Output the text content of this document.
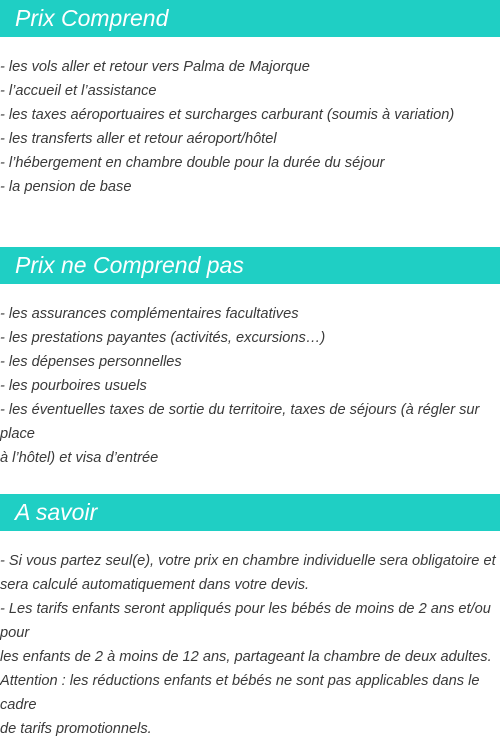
Prix Comprend

- les vols aller et retour vers Palma de Majorque

- l’accueil et l’assistance

- les taxes aéroportuaires et surcharges carburant (soumis à variation)

- les transferts aller et retour aéroport/hôtel

- l’hébergement en chambre double pour la durée du séjour

- la pension de base

Prix ne Comprend pas

- les assurances complémentaires facultatives

- les prestations payantes (activités, excursions…)

- les dépenses personnelles

- les pourboires usuels

- les éventuelles taxes de sortie du territoire, taxes de séjours (à régler sur place

à l’hôtel) et visa d’entrée

A savoir

- Si vous partez seul(e), votre prix en chambre individuelle sera obligatoire et

sera calculé automatiquement dans votre devis.

- Les tarifs enfants seront appliqués pour les bébés de moins de 2 ans et/ou pour

les enfants de 2 à moins de 12 ans, partageant la chambre de deux adultes.

Attention : les réductions enfants et bébés ne sont pas applicables dans le cadre

de tarifs promotionnels.
